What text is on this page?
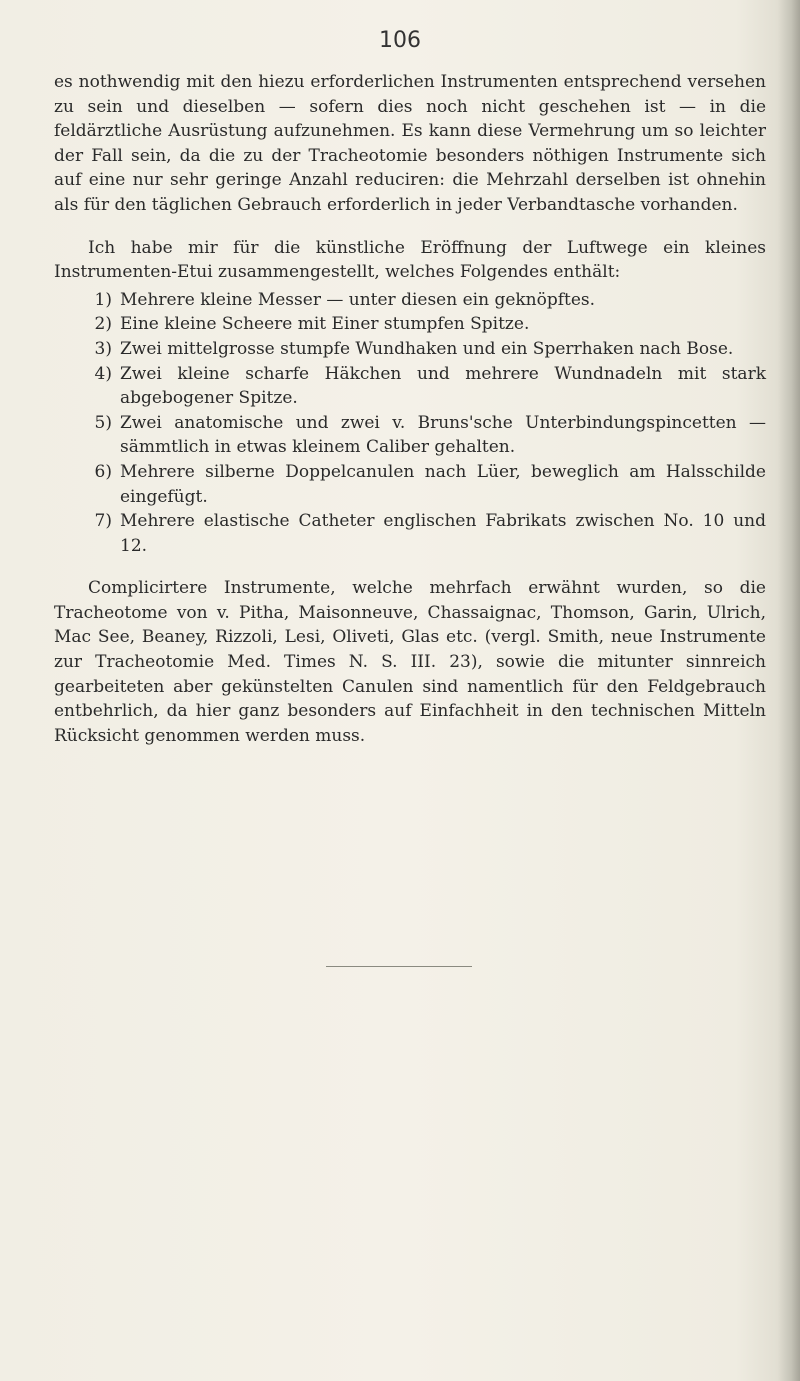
106

es nothwendig mit den hiezu erforderlichen Instrumenten entsprechend versehen zu sein und dieselben — sofern dies noch nicht geschehen ist — in die feldärztliche Ausrüstung aufzunehmen. Es kann diese Vermehrung um so leichter der Fall sein, da die zu der Tracheotomie besonders nöthigen Instrumente sich auf eine nur sehr geringe Anzahl reduciren: die Mehrzahl derselben ist ohnehin als für den täglichen Gebrauch erforderlich in jeder Verbandtasche vorhanden.

Ich habe mir für die künstliche Eröffnung der Luftwege ein kleines Instrumenten-Etui zusammengestellt, welches Folgendes enthält:

1) Mehrere kleine Messer — unter diesen ein geknöpftes.
2) Eine kleine Scheere mit Einer stumpfen Spitze.
3) Zwei mittelgrosse stumpfe Wundhaken und ein Sperrhaken nach Bose.
4) Zwei kleine scharfe Häkchen und mehrere Wundnadeln mit stark abgebogener Spitze.
5) Zwei anatomische und zwei v. Bruns'sche Unterbindungspincetten — sämmtlich in etwas kleinem Caliber gehalten.
6) Mehrere silberne Doppelcanulen nach Lüer, beweglich am Halsschilde eingefügt.
7) Mehrere elastische Catheter englischen Fabrikats zwischen No. 10 und 12.

Complicirtere Instrumente, welche mehrfach erwähnt wurden, so die Tracheotome von v. Pitha, Maisonneuve, Chassaignac, Thomson, Garin, Ulrich, Mac See, Beaney, Rizzoli, Lesi, Oliveti, Glas etc. (vergl. Smith, neue Instrumente zur Tracheotomie Med. Times N. S. III. 23), sowie die mitunter sinnreich gearbeiteten aber gekünstelten Canulen sind namentlich für den Feldgebrauch entbehrlich, da hier ganz besonders auf Einfachheit in den technischen Mitteln Rücksicht genommen werden muss.
